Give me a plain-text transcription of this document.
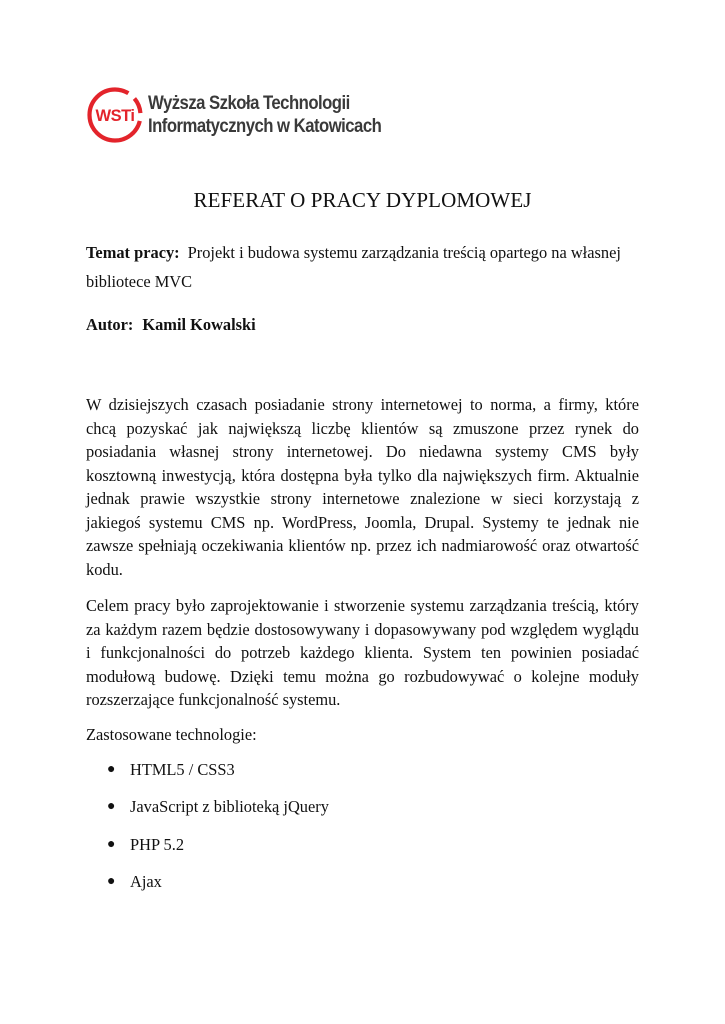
WSTi
Wyższa Szkoła Technologii
Informatycznych w Katowicach
REFERAT O PRACY DYPLOMOWEJ

Temat pracy: Projekt i budowa systemu zarządzania treścią opartego na własnej bibliotece MVC

Autor: Kamil Kowalski

W dzisiejszych czasach posiadanie strony internetowej to norma, a firmy, które chcą pozyskać jak największą liczbę klientów są zmuszone przez rynek do posiadania własnej strony internetowej. Do niedawna systemy CMS były kosztowną inwestycją, która dostępna była tylko dla największych firm. Aktualnie jednak prawie wszystkie strony internetowe znalezione w sieci korzystają z jakiegoś systemu CMS np. WordPress, Joomla, Drupal. Systemy te jednak nie zawsze spełniają oczekiwania klientów np. przez ich nadmiarowość oraz otwartość kodu.

Celem pracy było zaprojektowanie i stworzenie systemu zarządzania treścią, który za każdym razem będzie dostosowywany i dopasowywany pod względem wyglądu i funkcjonalności do potrzeb każdego klienta. System ten powinien posiadać modułową budowę. Dzięki temu można go rozbudowywać o kolejne moduły rozszerzające funkcjonalność systemu.

Zastosowane technologie:

● HTML5 / CSS3
● JavaScript z biblioteką jQuery
● PHP 5.2
● Ajax
